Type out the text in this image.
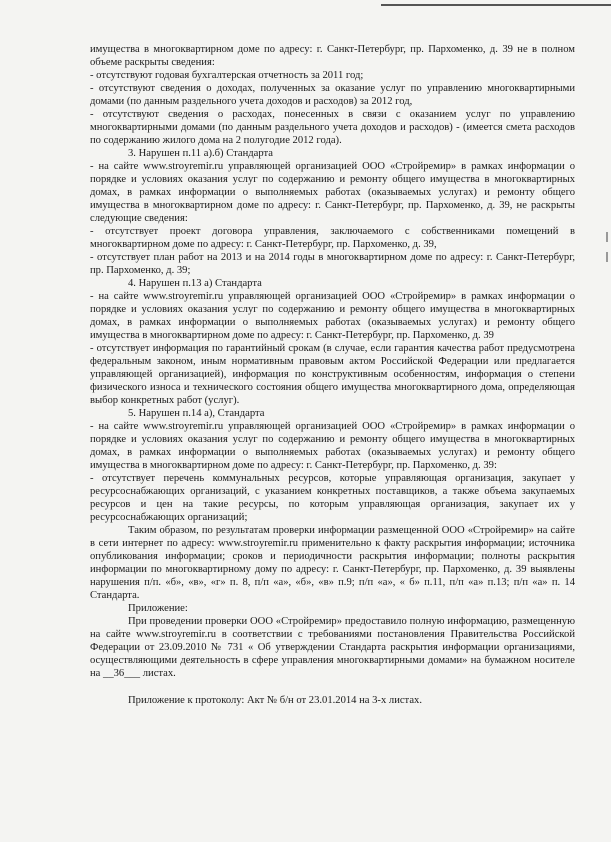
имущества в многоквартирном доме по адресу: г. Санкт-Петербург, пр. Пархоменко, д. 39 не в полном объеме раскрыты сведения:

- отсутствуют годовая бухгалтерская отчетность за 2011 год;

- отсутствуют сведения о доходах, полученных за оказание услуг по управлению многоквартирными домами (по данным раздельного учета доходов и расходов) за 2012 год,

- отсутствуют сведения о расходах, понесенных в связи с оказанием услуг по управлению многоквартирными домами (по данным раздельного учета доходов и расходов) - (имеется смета расходов по содержанию жилого дома на 2 полугодие 2012 года).

3. Нарушен п.11 а).б) Стандарта

- на сайте www.stroyremir.ru управляющей организацией ООО «Стройремир» в рамках информации о порядке и условиях оказания услуг по содержанию и ремонту общего имущества в многоквартирных домах, в рамках информации о выполняемых работах (оказываемых услугах) и ремонту общего имущества в многоквартирном доме по адресу: г. Санкт-Петербург, пр. Пархоменко, д. 39, не раскрыты следующие сведения:

- отсутствует проект договора управления, заключаемого с собственниками помещений в многоквартирном доме по адресу: г. Санкт-Петербург, пр. Пархоменко, д. 39,

- отсутствует план работ на 2013 и на 2014 годы в многоквартирном доме по адресу: г. Санкт-Петербург, пр. Пархоменко, д. 39;

4. Нарушен п.13 а) Стандарта

- на сайте www.stroyremir.ru управляющей организацией ООО «Стройремир» в рамках информации о порядке и условиях оказания услуг по содержанию и ремонту общего имущества в многоквартирных домах, в рамках информации о выполняемых работах (оказываемых услугах) и ремонту общего имущества в многоквартирном доме по адресу: г. Санкт-Петербург, пр. Пархоменко, д. 39

- отсутствует информация по гарантийный срокам (в случае, если гарантия качества работ предусмотрена федеральным законом, иным нормативным правовым актом Российской Федерации или предлагается управляющей организацией), информация по конструктивным особенностям, информация о степени физического износа и технического состояния общего имущества многоквартирного дома, определяющая выбор конкретных работ (услуг).

5. Нарушен п.14 а), Стандарта

- на сайте www.stroyremir.ru управляющей организацией ООО «Стройремир» в рамках информации о порядке и условиях оказания услуг по содержанию и ремонту общего имущества в многоквартирных домах, в рамках информации о выполняемых работах (оказываемых услугах) и ремонту общего имущества в многоквартирном доме по адресу: г. Санкт-Петербург, пр. Пархоменко, д. 39:

- отсутствует перечень коммунальных ресурсов, которые управляющая организация, закупает у ресурсоснабжающих организаций, с указанием конкретных поставщиков, а также объема закупаемых ресурсов и цен на такие ресурсы, по которым управляющая организация, закупает их у ресурсоснабжающих организаций;

Таким образом, по результатам проверки информации размещенной ООО «Стройремир» на сайте в сети интернет по адресу: www.stroyremir.ru применительно к факту раскрытия информации; источника опубликования информации; сроков и периодичности раскрытия информации; полноты раскрытия информации по многоквартирному дому по адресу: г. Санкт-Петербург, пр. Пархоменко, д. 39 выявлены нарушения п/п. «б», «в», «г» п. 8, п/п «а», «б», «в» п.9; п/п «а», « б» п.11, п/п «а» п.13; п/п «а» п. 14 Стандарта.

Приложение:

При проведении проверки ООО «Стройремир» предоставило полную информацию, размещенную на сайте www.stroyremir.ru в соответствии с требованиями постановления Правительства Российской Федерации от 23.09.2010 № 731 « Об утверждении Стандарта раскрытия информации организациями, осуществляющими деятельность в сфере управления многоквартирными домами» на бумажном носителе на __36___ листах.

Приложение к протоколу: Акт № б/н от 23.01.2014 на 3-х листах.
